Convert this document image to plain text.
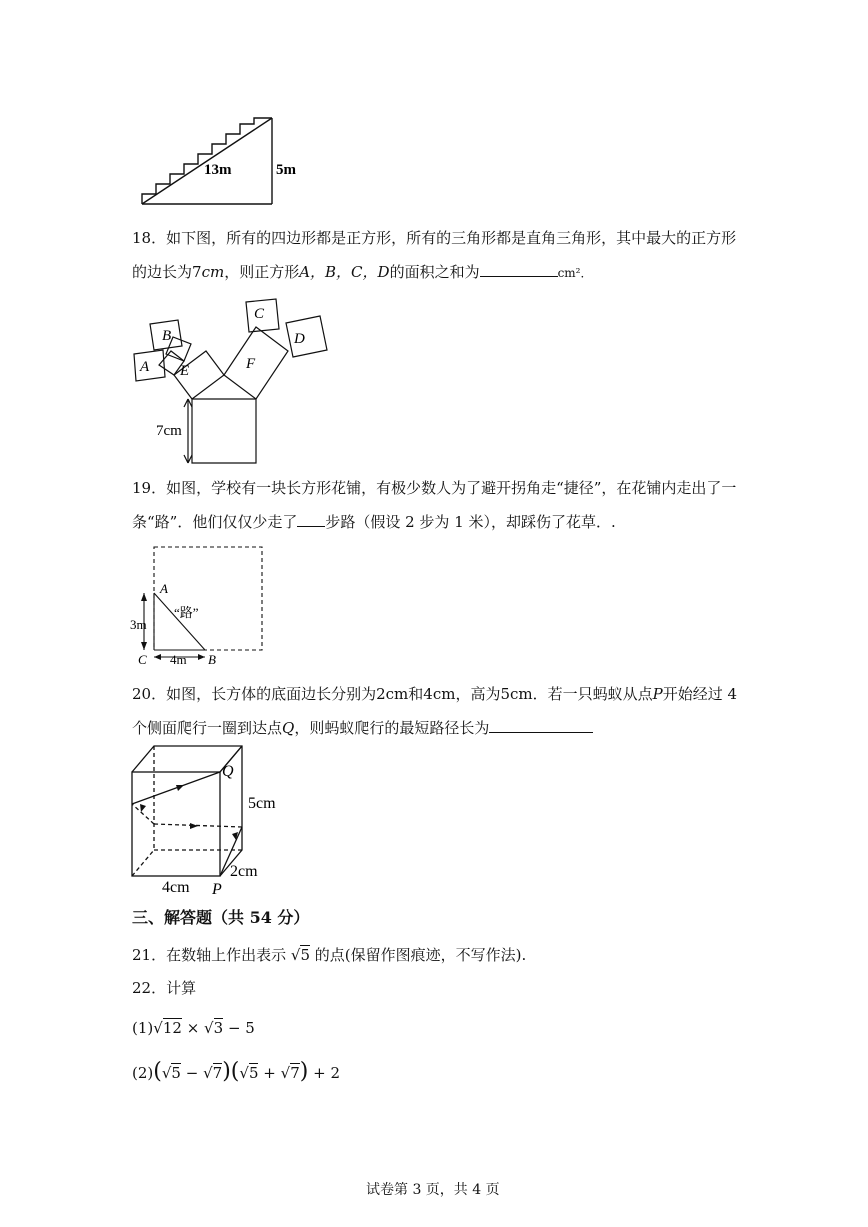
13m	5m
18．如下图，所有的四边形都是正方形，所有的三角形都是直角三角形，其中最大的正方形
的边长为7cm，则正方形A，B，C，D的面积之和为	cm²．
A
B
C
D
E	F
7cm
19．如图，学校有一块长方形花铺，有极少数人为了避开拐角走“捷径”，在花铺内走出了一
条“路”．他们仅仅少走了 步路（假设 2 步为 1 米），却踩伤了花草．.
A
B
C
“路”
3m
4m
20．如图，长方体的底面边长分别为2cm和4cm，高为5cm．若一只蚂蚁从点P开始经过 4
个侧面爬行一圈到达点Q，则蚂蚁爬行的最短路径长为
Q
P
5cm
2cm
4cm
三、解答题（共 54 分）
21．在数轴上作出表示 √5 的点(保留作图痕迹，不写作法).
22．计算
(1)√12 × √3 − 5
(2)(√5 − √7)(√5 + √7) + 2
试卷第 3 页，共 4 页
